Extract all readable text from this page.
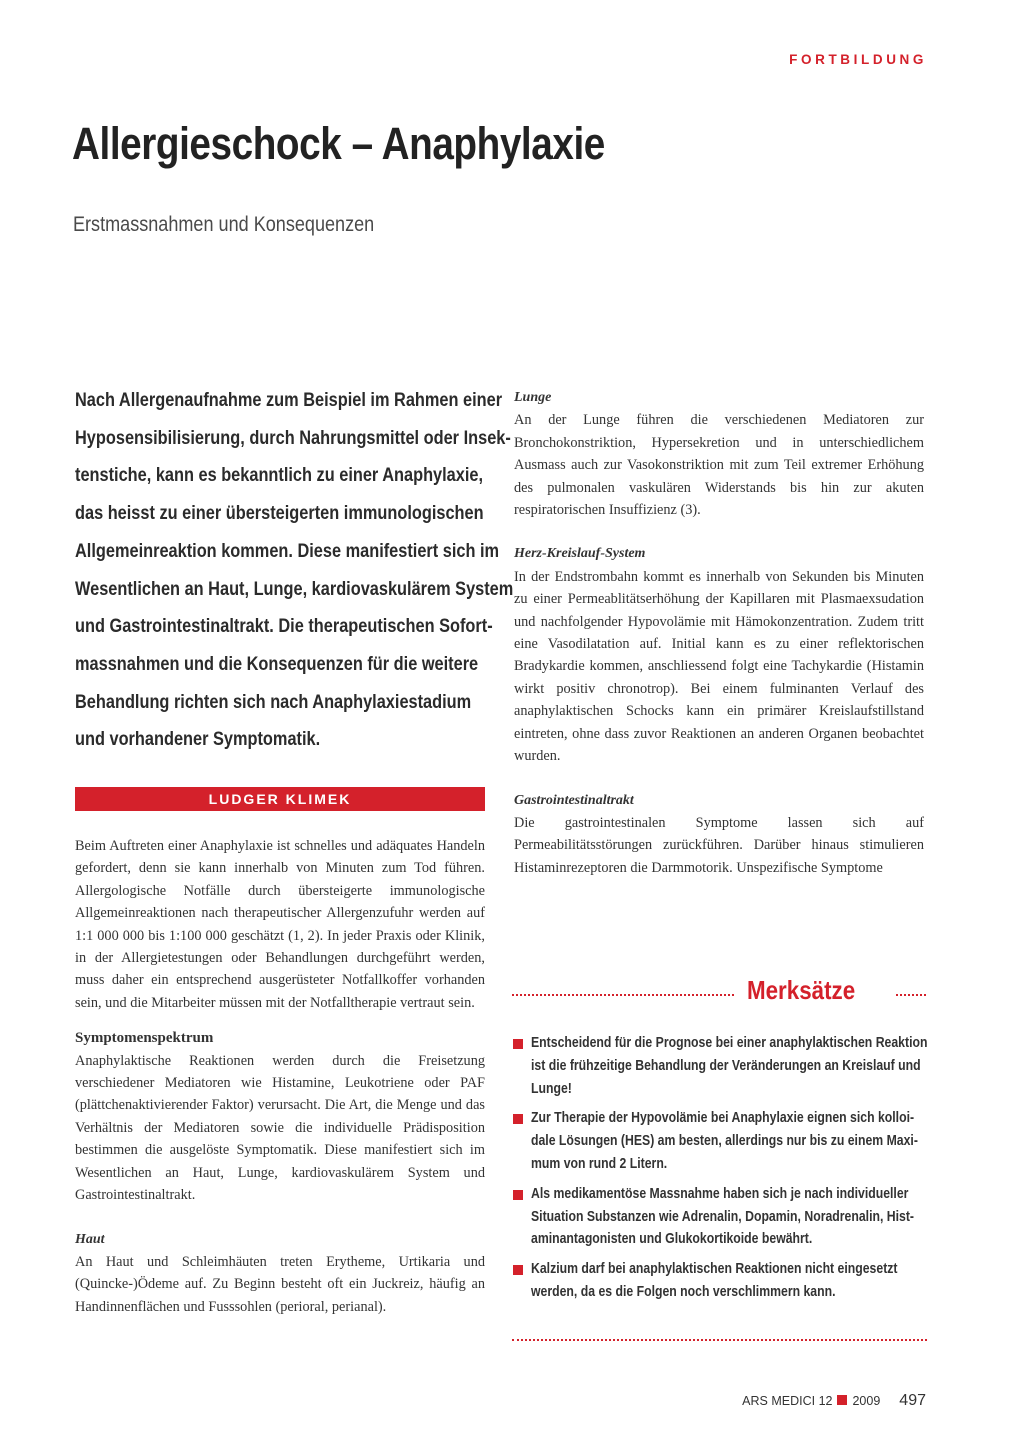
FORTBILDUNG
Allergieschock – Anaphylaxie
Erstmassnahmen und Konsequenzen
Nach Allergenaufnahme zum Beispiel im Rahmen einer
Hyposensibilisierung, durch Nahrungsmittel oder Insek-
tenstiche, kann es bekanntlich zu einer Anaphylaxie,
das heisst zu einer übersteigerten immunologischen
Allgemeinreaktion kommen. Diese manifestiert sich im
Wesentlichen an Haut, Lunge, kardiovaskulärem System
und Gastrointestinaltrakt. Die therapeutischen Sofort-
massnahmen und die Konsequenzen für die weitere
Behandlung richten sich nach Anaphylaxiestadium
und vorhandener Symptomatik.
LUDGER KLIMEK

Beim Auftreten einer Anaphylaxie ist schnelles und adäquates Handeln gefordert, denn sie kann innerhalb von Minuten zum Tod führen. Allergologische Notfälle durch übersteigerte immunologische Allgemeinreaktionen nach therapeutischer Allergenzufuhr werden auf 1:1 000 000 bis 1:100 000 geschätzt (1, 2). In jeder Praxis oder Klinik, in der Allergietestungen oder Behandlungen durchgeführt werden, muss daher ein entsprechend ausgerüsteter Notfallkoffer vorhanden sein, und die Mitarbeiter müssen mit der Notfalltherapie vertraut sein.

Symptomenspektrum

Anaphylaktische Reaktionen werden durch die Freisetzung verschiedener Mediatoren wie Histamine, Leukotriene oder PAF (plättchenaktivierender Faktor) verursacht. Die Art, die Menge und das Verhältnis der Mediatoren sowie die individuelle Prädisposition bestimmen die ausgelöste Symptomatik. Diese manifestiert sich im Wesentlichen an Haut, Lunge, kardiovaskulärem System und Gastrointestinaltrakt.

Haut

An Haut und Schleimhäuten treten Erytheme, Urtikaria und (Quincke-)Ödeme auf. Zu Beginn besteht oft ein Juckreiz, häufig an Handinnenflächen und Fusssohlen (perioral, perianal).

Lunge

An der Lunge führen die verschiedenen Mediatoren zur Bronchokonstriktion, Hypersekretion und in unterschiedlichem Ausmass auch zur Vasokonstriktion mit zum Teil extremer Erhöhung des pulmonalen vaskulären Widerstands bis hin zur akuten respiratorischen Insuffizienz (3).

Herz-Kreislauf-System

In der Endstrombahn kommt es innerhalb von Sekunden bis Minuten zu einer Permeablitätserhöhung der Kapillaren mit Plasmaexsudation und nachfolgender Hypovolämie mit Hämokonzentration. Zudem tritt eine Vasodilatation auf. Initial kann es zu einer reflektorischen Bradykardie kommen, anschliessend folgt eine Tachykardie (Histamin wirkt positiv chronotrop). Bei einem fulminanten Verlauf des anaphylaktischen Schocks kann ein primärer Kreislaufstillstand eintreten, ohne dass zuvor Reaktionen an anderen Organen beobachtet wurden.

Gastrointestinaltrakt

Die gastrointestinalen Symptome lassen sich auf Permeabilitätsstörungen zurückführen. Darüber hinaus stimulieren Histaminrezeptoren die Darmmotorik. Unspezifische Symptome

Merksätze
Entscheidend für die Prognose bei einer anaphylaktischen Reaktion
ist die frühzeitige Behandlung der Veränderungen an Kreislauf und
Lunge!
Zur Therapie der Hypovolämie bei Anaphylaxie eignen sich kolloi-
dale Lösungen (HES) am besten, allerdings nur bis zu einem Maxi-
mum von rund 2 Litern.
Als medikamentöse Massnahme haben sich je nach individueller
Situation Substanzen wie Adrenalin, Dopamin, Noradrenalin, Hist-
aminantagonisten und Glukokortikoide bewährt.
Kalzium darf bei anaphylaktischen Reaktionen nicht eingesetzt
werden, da es die Folgen noch verschlimmern kann.
ARS MEDICI 12 2009 497
